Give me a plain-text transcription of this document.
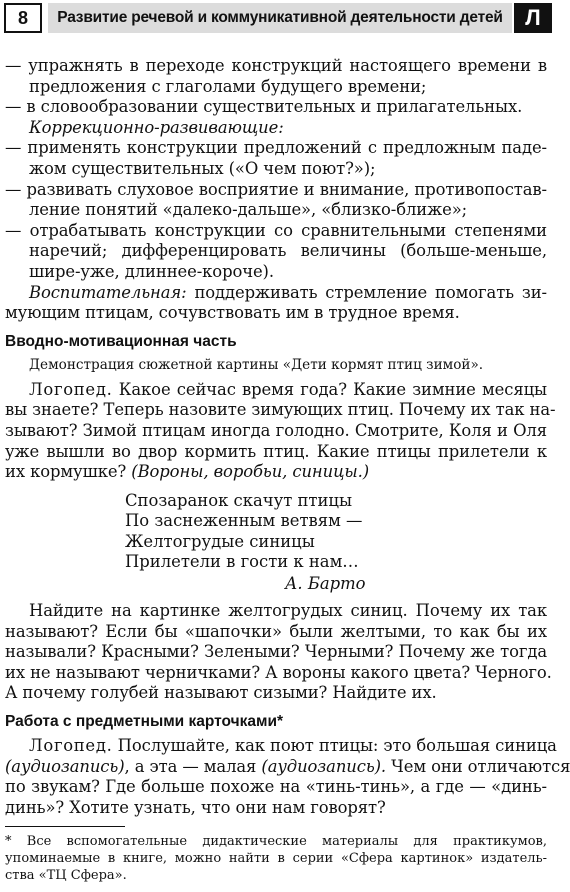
8	Развитие речевой и коммуникативной деятельности детей	Л
— упражнять в переходе конструкций настоящего времени в
предложения с глаголами будущего времени;
— в словообразовании существительных и прилагательных.
Коррекционно-развивающие:
— применять конструкции предложений с предложным паде-
жом существительных («О чем поют?»);
— развивать слуховое восприятие и внимание, противопостав-
ление понятий «далеко-дальше», «близко-ближе»;
— отрабатывать конструкции со сравнительными степенями
наречий; дифференцировать величины (больше-меньше,
шире-уже, длиннее-короче).
Воспитательная: поддерживать стремление помогать зи-
мующим птицам, сочувствовать им в трудное время.
Вводно-мотивационная часть
Демонстрация сюжетной картины «Дети кормят птиц зимой».
Логопед. Какое сейчас время года? Какие зимние месяцы
вы знаете? Теперь назовите зимующих птиц. Почему их так на-
зывают? Зимой птицам иногда голодно. Смотрите, Коля и Оля
уже вышли во двор кормить птиц. Какие птицы прилетели к
их кормушке? (Вороны, воробьи, синицы.)
Спозаранок скачут птицы
По заснеженным ветвям —
Желтогрудые синицы
Прилетели в гости к нам…
А. Барто
Найдите на картинке желтогрудых синиц. Почему их так
называют? Если бы «шапочки» были желтыми, то как бы их
называли? Красными? Зелеными? Черными? Почему же тогда
их не называют черничками? А вороны какого цвета? Черного.
А почему голубей называют сизыми? Найдите их.
Работа с предметными карточками*
Логопед. Послушайте, как поют птицы: это большая синица
(аудиозапись), а эта — малая (аудиозапись). Чем они отличаются
по звукам? Где больше похоже на «тинь-тинь», а где — «динь-
динь»? Хотите узнать, что они нам говорят?
* Все вспомогательные дидактические материалы для практикумов,
упоминаемые в книге, можно найти в серии «Сфера картинок» издатель-
ства «ТЦ Сфера».
